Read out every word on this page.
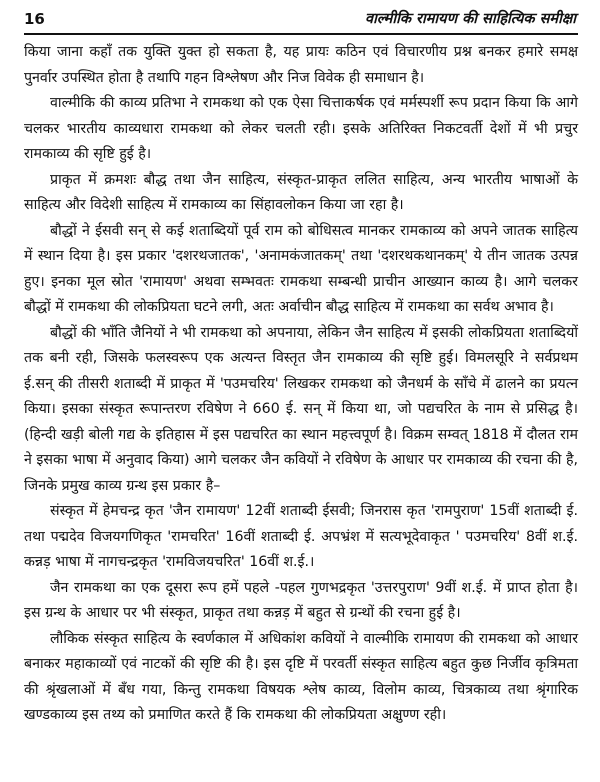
16	वाल्मीकि रामायण की साहित्यिक समीक्षा

किया जाना कहाँ तक युक्ति युक्त हो सकता है, यह प्रायः कठिन एवं विचारणीय प्रश्न बनकर हमारे समक्ष पुनर्वार उपस्थित होता है तथापि गहन विश्लेषण और निज विवेक ही समाधान है।

वाल्मीकि की काव्य प्रतिभा ने रामकथा को एक ऐसा चित्ताकर्षक एवं मर्मस्पर्शी रूप प्रदान किया कि आगे चलकर भारतीय काव्यधारा रामकथा को लेकर चलती रही। इसके अतिरिक्त निकटवर्ती देशों में भी प्रचुर रामकाव्य की सृष्टि हुई है।

प्राकृत में क्रमशः बौद्ध तथा जैन साहित्य, संस्कृत-प्राकृत ललित साहित्य, अन्य भारतीय भाषाओं के साहित्य और विदेशी साहित्य में रामकाव्य का सिंहावलोकन किया जा रहा है।

बौद्धों ने ईसवी सन् से कई शताब्दियों पूर्व राम को बोधिसत्व मानकर रामकाव्य को अपने जातक साहित्य में स्थान दिया है। इस प्रकार 'दशरथजातक', 'अनामकंजातकम्' तथा 'दशरथकथानकम्' ये तीन जातक उत्पन्न हुए। इनका मूल स्रोत 'रामायण' अथवा सम्भवतः रामकथा सम्बन्धी प्राचीन आख्यान काव्य है। आगे चलकर बौद्धों में रामकथा की लोकप्रियता घटने लगी, अतः अर्वाचीन बौद्ध साहित्य में रामकथा का सर्वथ अभाव है।

बौद्धों की भाँति जैनियों ने भी रामकथा को अपनाया, लेकिन जैन साहित्य में इसकी लोकप्रियता शताब्दियों तक बनी रही, जिसके फलस्वरूप एक अत्यन्त विस्तृत जैन रामकाव्य की सृष्टि हुई। विमलसूरि ने सर्वप्रथम ई.सन् की तीसरी शताब्दी में प्राकृत में 'पउमचरिय' लिखकर रामकथा को जैनधर्म के साँचे में ढालने का प्रयत्न किया। इसका संस्कृत रूपान्तरण रविषेण ने 660 ई. सन् में किया था, जो पद्यचरित के नाम से प्रसिद्ध है। (हिन्दी खड़ी बोली गद्य के इतिहास में इस पद्यचरित का स्थान महत्त्वपूर्ण है। विक्रम सम्वत् 1818 में दौलत राम ने इसका भाषा में अनुवाद किया) आगे चलकर जैन कवियों ने रविषेण के आधार पर रामकाव्य की रचना की है, जिनके प्रमुख काव्य ग्रन्थ इस प्रकार है–

संस्कृत में हेमचन्द्र कृत 'जैन रामायण' 12वीं शताब्दी ईसवी; जिनरास कृत 'रामपुराण' 15वीं शताब्दी ई. तथा पद्मदेव विजयगणिकृत 'रामचरित' 16वीं शताब्दी ई. अपभ्रंश में सत्यभूदेवाकृत ' पउमचरिय' 8वीं श.ई. कन्नड़ भाषा में नागचन्द्रकृत 'रामविजयचरित' 16वीं श.ई.।

जैन रामकथा का एक दूसरा रूप हमें पहले -पहल गुणभद्रकृत 'उत्तरपुराण' 9वीं श.ई. में प्राप्त होता है। इस ग्रन्थ के आधार पर भी संस्कृत, प्राकृत तथा कन्नड़ में बहुत से ग्रन्थों की रचना हुई है।

लौकिक संस्कृत साहित्य के स्वर्णकाल में अधिकांश कवियों ने वाल्मीकि रामायण की रामकथा को आधार बनाकर महाकाव्यों एवं नाटकों की सृष्टि की है। इस दृष्टि में परवर्ती संस्कृत साहित्य बहुत कुछ निर्जीव कृत्रिमता की श्रृंखलाओं में बँध गया, किन्तु रामकथा विषयक श्लेष काव्य, विलोम काव्य, चित्रकाव्य तथा श्रृंगारिक खण्डकाव्य इस तथ्य को प्रमाणित करते हैं कि रामकथा की लोकप्रियता अक्षुण्ण रही।
